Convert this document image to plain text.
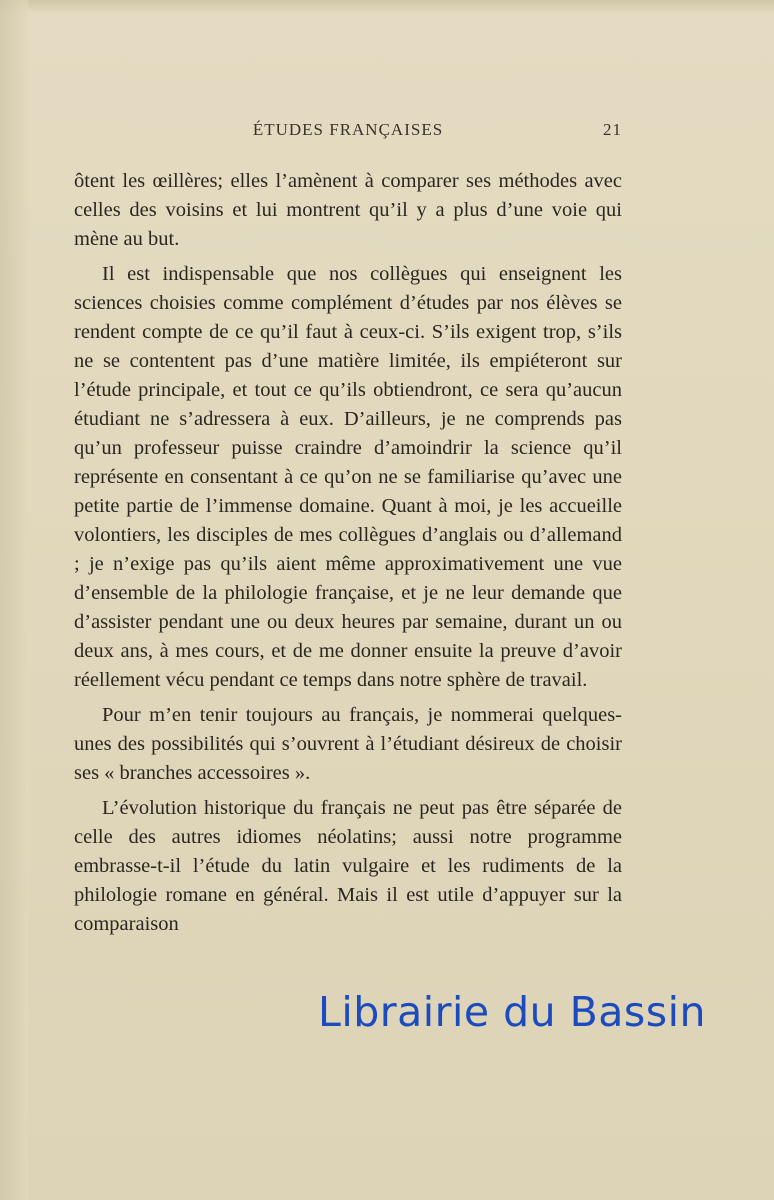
ÉTUDES FRANÇAISES	21

ôtent les œillères; elles l’amènent à comparer ses méthodes avec celles des voisins et lui montrent qu’il y a plus d’une voie qui mène au but.

Il est indispensable que nos collègues qui enseignent les sciences choisies comme complément d’études par nos élèves se rendent compte de ce qu’il faut à ceux-ci. S’ils exigent trop, s’ils ne se contentent pas d’une matière limitée, ils empiéteront sur l’étude principale, et tout ce qu’ils obtiendront, ce sera qu’aucun étudiant ne s’adressera à eux. D’ailleurs, je ne comprends pas qu’un professeur puisse craindre d’amoindrir la science qu’il représente en consentant à ce qu’on ne se familiarise qu’avec une petite partie de l’immense domaine. Quant à moi, je les accueille volontiers, les disciples de mes collègues d’anglais ou d’allemand ; je n’exige pas qu’ils aient même approximativement une vue d’ensemble de la philologie française, et je ne leur demande que d’assister pendant une ou deux heures par semaine, durant un ou deux ans, à mes cours, et de me donner ensuite la preuve d’avoir réellement vécu pendant ce temps dans notre sphère de travail.

Pour m’en tenir toujours au français, je nommerai quelques-unes des possibilités qui s’ouvrent à l’étudiant désireux de choisir ses « branches accessoires ».

L’évolution historique du français ne peut pas être séparée de celle des autres idiomes néolatins; aussi notre programme embrasse-t-il l’étude du latin vulgaire et les rudiments de la philologie romane en général. Mais il est utile d’appuyer sur la comparaison

Librairie du Bassin
